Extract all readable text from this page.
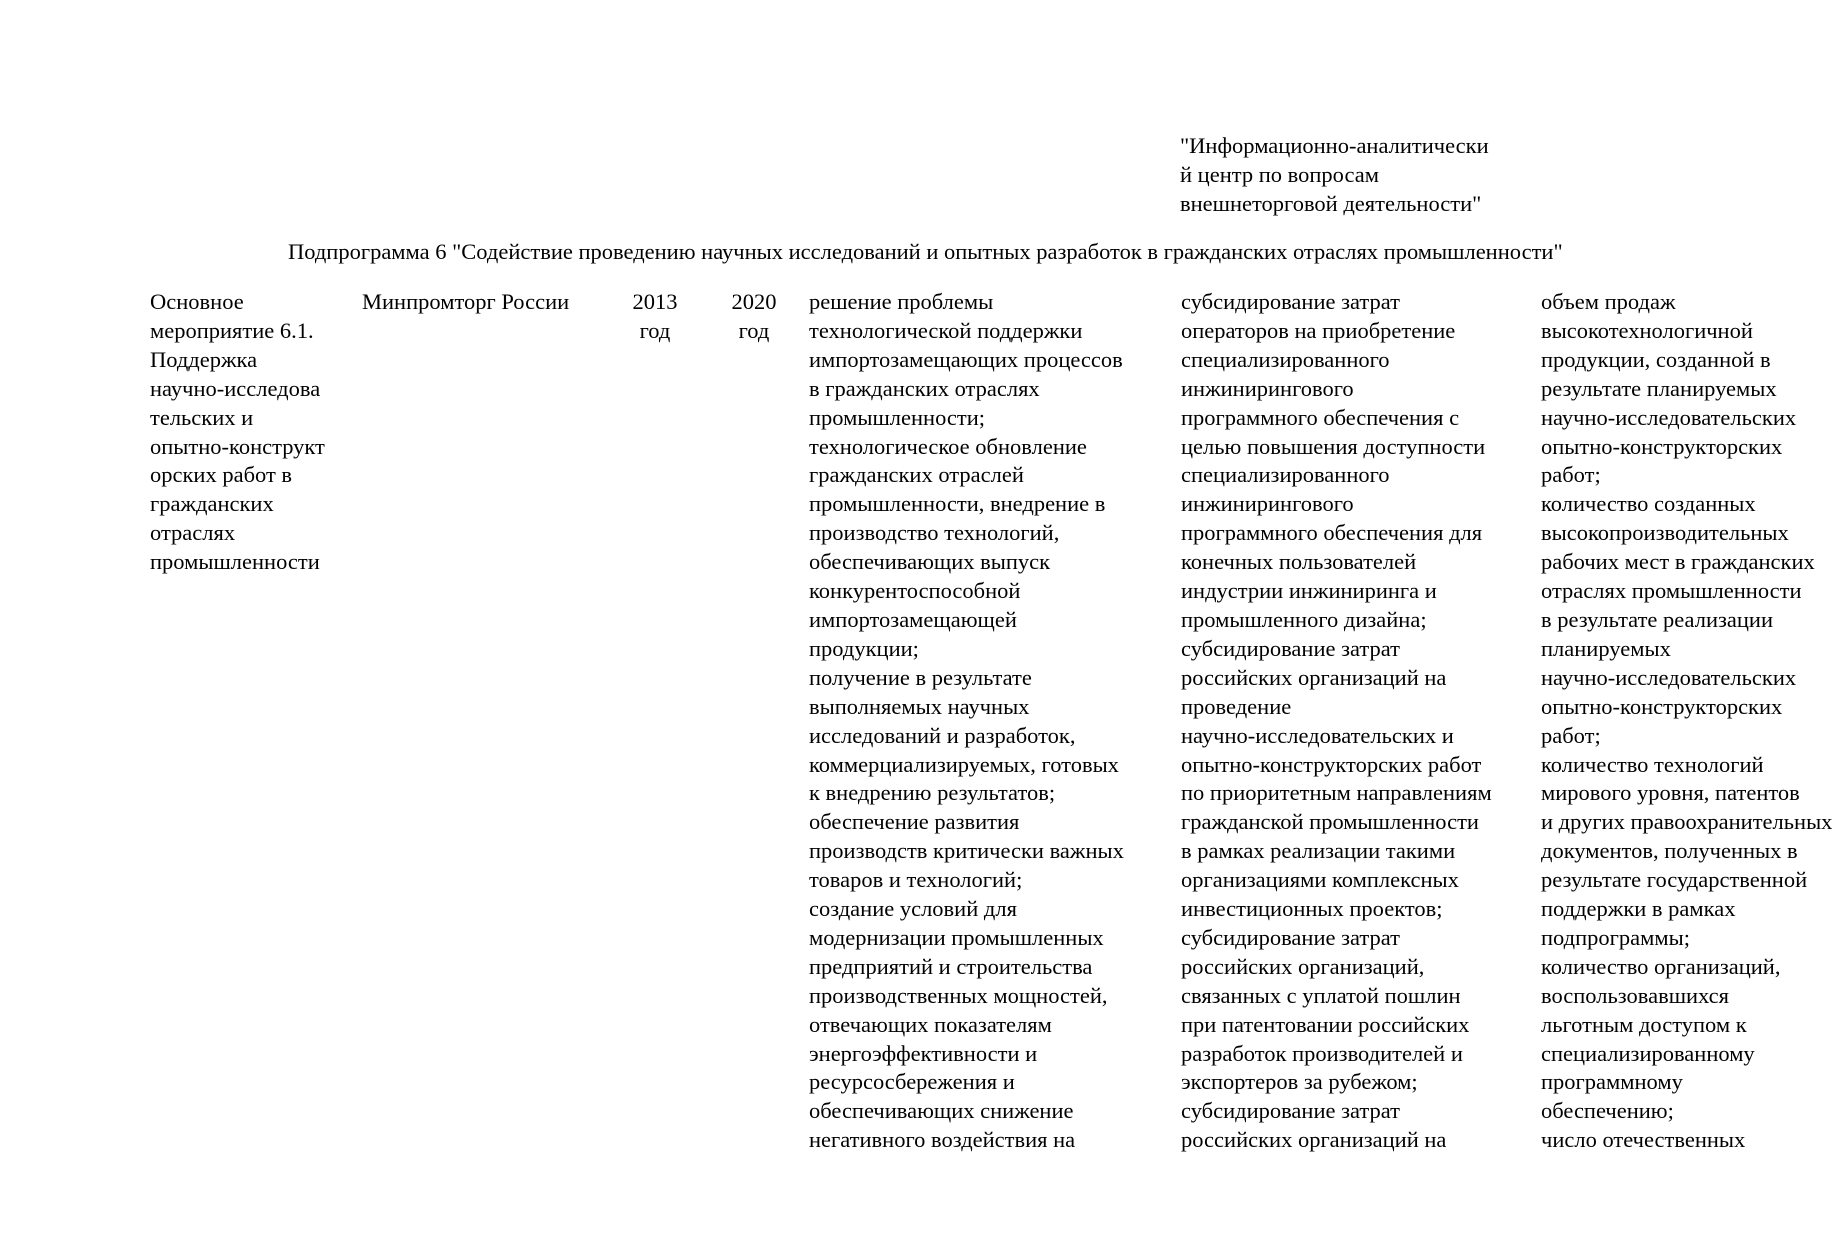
"Информационно-аналитически
й центр по вопросам
внешнеторговой деятельности"
Подпрограмма 6 "Содействие проведению научных исследований и опытных разработок в гражданских отраслях промышленности"
Основное
мероприятие 6.1.
Поддержка
научно-исследова
тельских и
опытно-конструкт
орских работ в
гражданских
отраслях
промышленности
Минпромторг России	2013
год
2020
год
решение проблемы
технологической поддержки
импортозамещающих процессов
в гражданских отраслях
промышленности;
технологическое обновление
гражданских отраслей
промышленности, внедрение в
производство технологий,
обеспечивающих выпуск
конкурентоспособной
импортозамещающей
продукции;
получение в результате
выполняемых научных
исследований и разработок,
коммерциализируемых, готовых
к внедрению результатов;
обеспечение развития
производств критически важных
товаров и технологий;
создание условий для
модернизации промышленных
предприятий и строительства
производственных мощностей,
отвечающих показателям
энергоэффективности и
ресурсосбережения и
обеспечивающих снижение
негативного воздействия на
субсидирование затрат
операторов на приобретение
специализированного
инжинирингового
программного обеспечения с
целью повышения доступности
специализированного
инжинирингового
программного обеспечения для
конечных пользователей
индустрии инжиниринга и
промышленного дизайна;
субсидирование затрат
российских организаций на
проведение
научно-исследовательских и
опытно-конструкторских работ
по приоритетным направлениям
гражданской промышленности
в рамках реализации такими
организациями комплексных
инвестиционных проектов;
субсидирование затрат
российских организаций,
связанных с уплатой пошлин
при патентовании российских
разработок производителей и
экспортеров за рубежом;
субсидирование затрат
российских организаций на
объем продаж
высокотехнологичной
продукции, созданной в
результате планируемых
научно-исследовательских
опытно-конструкторских
работ;
количество созданных
высокопроизводительных
рабочих мест в гражданских
отраслях промышленности
в результате реализации
планируемых
научно-исследовательских
опытно-конструкторских
работ;
количество технологий
мирового уровня, патентов
и других правоохранительных
документов, полученных в
результате государственной
поддержки в рамках
подпрограммы;
количество организаций,
воспользовавшихся
льготным доступом к
специализированному
программному
обеспечению;
число отечественных
